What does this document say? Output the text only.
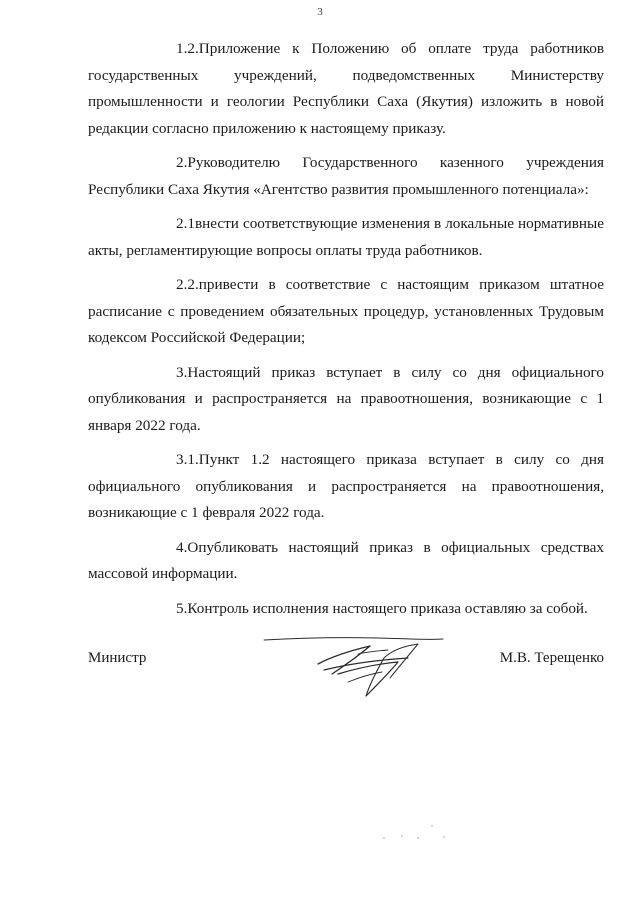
3

1.2.Приложение к Положению об оплате труда работников государственных учреждений, подведомственных Министерству промышленности и геологии Республики Саха (Якутия) изложить в новой редакции согласно приложению к настоящему приказу.

2.Руководителю Государственного казенного учреждения Республики Саха Якутия «Агентство развития промышленного потенциала»:

2.1внести соответствующие изменения в локальные нормативные акты, регламентирующие вопросы оплаты труда работников.

2.2.привести в соответствие с настоящим приказом штатное расписание с проведением обязательных процедур, установленных Трудовым кодексом Российской Федерации;

3.Настоящий приказ вступает в силу со дня официального опубликования и распространяется на правоотношения, возникающие с 1 января 2022 года.

3.1.Пункт 1.2 настоящего приказа вступает в силу со дня официального опубликования и распространяется на правоотношения, возникающие с 1 февраля 2022 года.

4.Опубликовать настоящий приказ в официальных средствах массовой информации.

5.Контроль исполнения настоящего приказа оставляю за собой.

Министр	М.В. Терещенко
